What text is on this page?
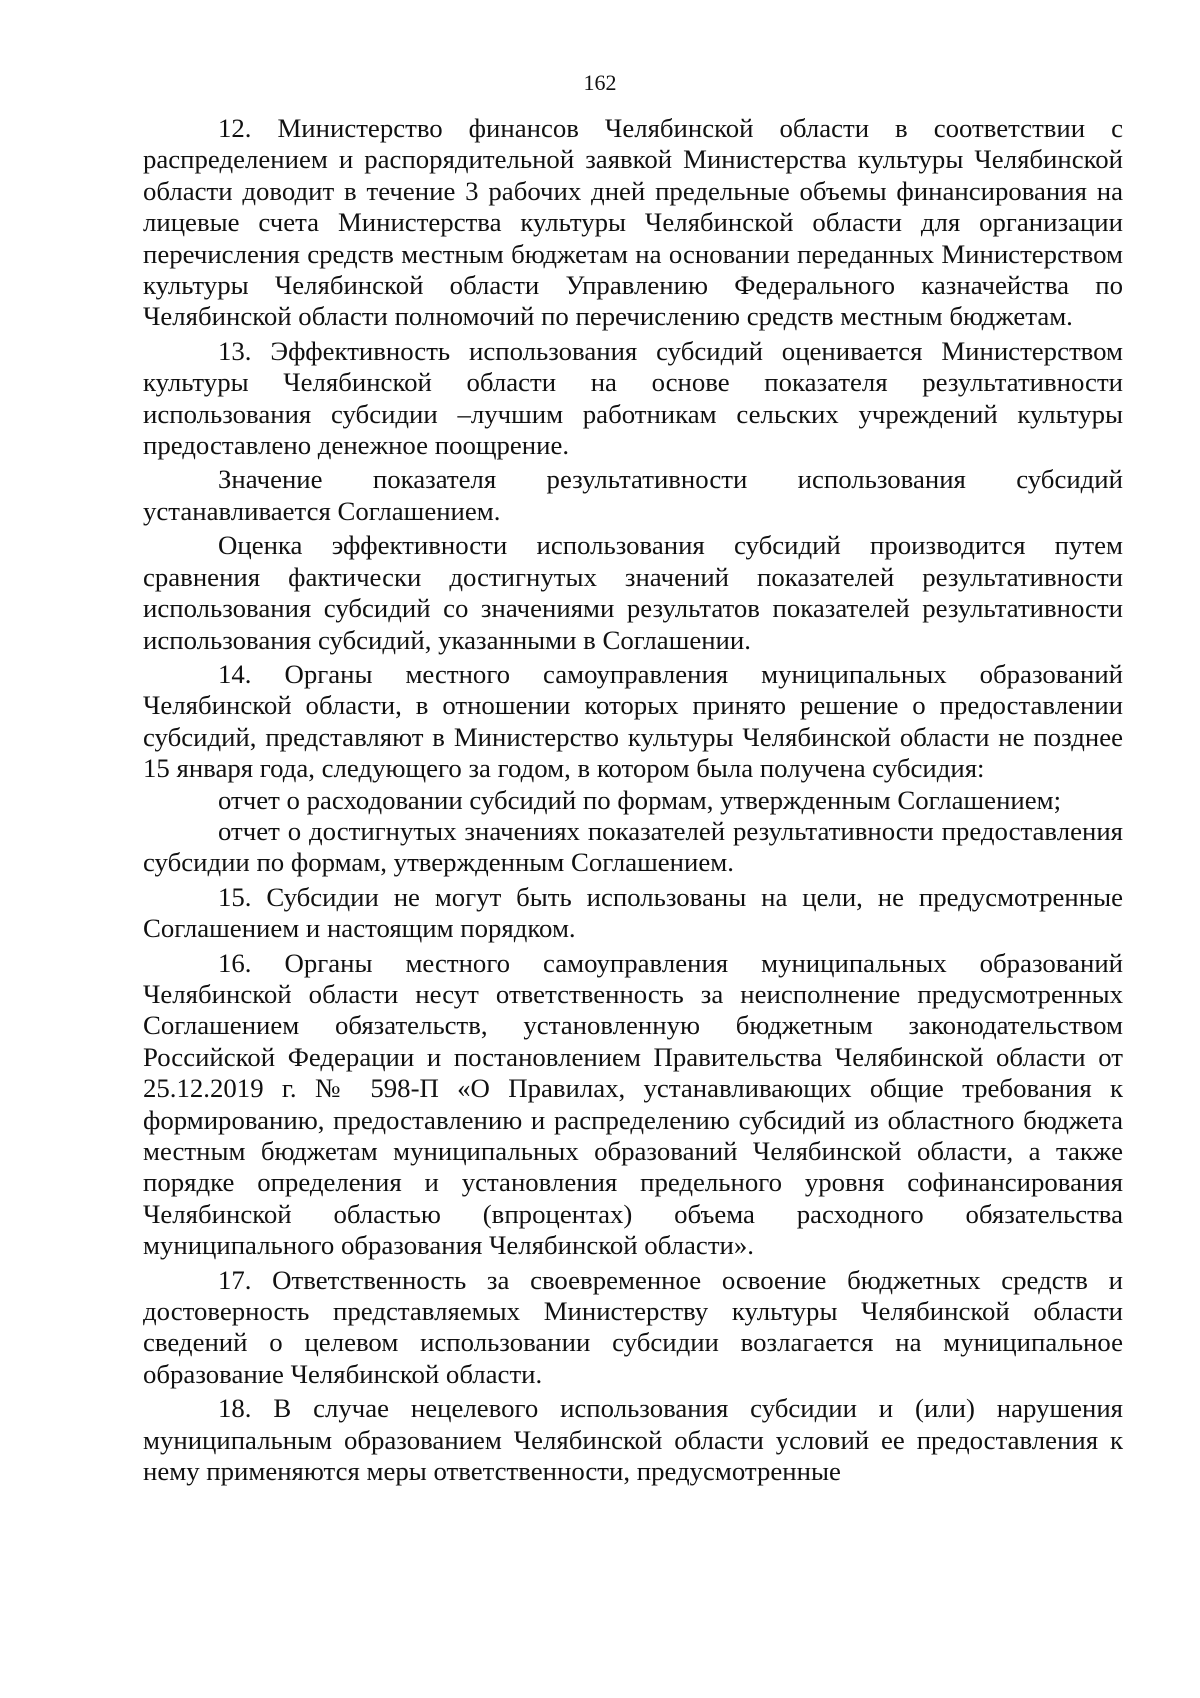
162

12. Министерство финансов Челябинской области в соответствии с распределением и распорядительной заявкой Министерства культуры Челябинской области доводит в течение 3 рабочих дней предельные объемы финансирования на лицевые счета Министерства культуры Челябинской области для организации перечисления средств местным бюджетам на основании переданных Министерством культуры Челябинской области Управлению Федерального казначейства по Челябинской области полномочий по перечислению средств местным бюджетам.

13. Эффективность использования субсидий оценивается Министерством культуры Челябинской области на основе показателя результативности использования субсидии –лучшим работникам сельских учреждений культуры предоставлено денежное поощрение.

Значение показателя результативности использования субсидий устанавливается Соглашением.

Оценка эффективности использования субсидий производится путем сравнения фактически достигнутых значений показателей результативности использования субсидий со значениями результатов показателей результативности использования субсидий, указанными в Соглашении.

14. Органы местного самоуправления муниципальных образований Челябинской области, в отношении которых принято решение о предоставлении субсидий, представляют в Министерство культуры Челябинской области не позднее 15 января года, следующего за годом, в котором была получена субсидия:

отчет о расходовании субсидий по формам, утвержденным Соглашением;

отчет о достигнутых значениях показателей результативности предоставления субсидии по формам, утвержденным Соглашением.

15. Субсидии не могут быть использованы на цели, не предусмотренные Соглашением и настоящим порядком.

16. Органы местного самоуправления муниципальных образований Челябинской области несут ответственность за неисполнение предусмотренных Соглашением обязательств, установленную бюджетным законодательством Российской Федерации и постановлением Правительства Челябинской области от 25.12.2019 г. № 598-П «О Правилах, устанавливающих общие требования к формированию, предоставлению и распределению субсидий из областного бюджета местным бюджетам муниципальных образований Челябинской области, а также порядке определения и установления предельного уровня софинансирования Челябинской областью (впроцентах) объема расходного обязательства муниципального образования Челябинской области».

17. Ответственность за своевременное освоение бюджетных средств и достоверность представляемых Министерству культуры Челябинской области сведений о целевом использовании субсидии возлагается на муниципальное образование Челябинской области.

18. В случае нецелевого использования субсидии и (или) нарушения муниципальным образованием Челябинской области условий ее предоставления к нему применяются меры ответственности, предусмотренные
